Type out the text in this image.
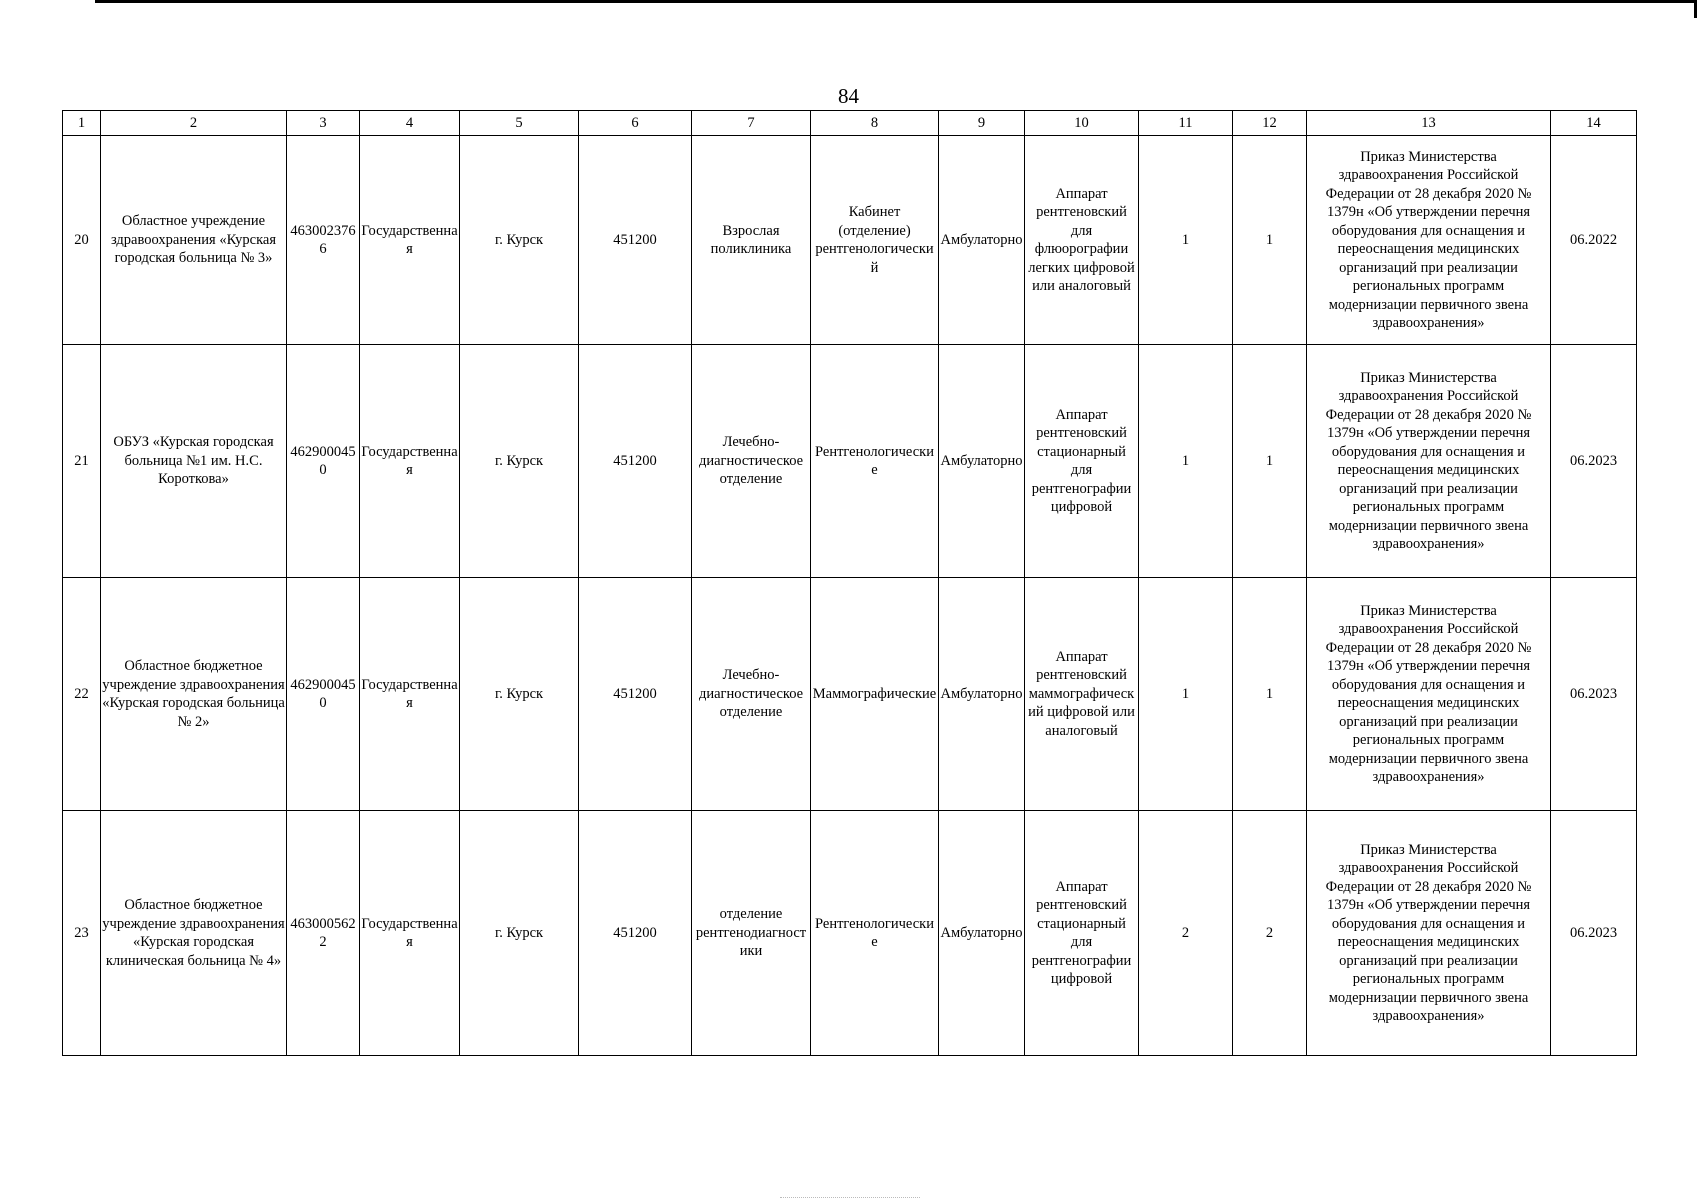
84
1	2	3	4	5	6	7	8	9	10	11	12	13	14
20	Областное учреждение здравоохранения «Курская городская больница № 3»	4630023766	Государственная	г. Курск	451200	Взрослая поликлиника	Кабинет (отделение) рентгенологический	Амбулаторно	Аппарат рентгеновский для флюорографии легких цифровой или аналоговый	1	1	Приказ Министерства здравоохранения Российской Федерации от 28 декабря 2020 № 1379н «Об утверждении перечня оборудования для оснащения и переоснащения медицинских организаций при реализации региональных программ модернизации первичного звена здравоохранения»	06.2022
21	ОБУЗ «Курская городская больница №1 им. Н.С. Короткова»	4629000450	Государственная	г. Курск	451200	Лечебно-диагностическое отделение	Рентгенологические	Амбулаторно	Аппарат рентгеновский стационарный для рентгенографии цифровой	1	1	Приказ Министерства здравоохранения Российской Федерации от 28 декабря 2020 № 1379н «Об утверждении перечня оборудования для оснащения и переоснащения медицинских организаций при реализации региональных программ модернизации первичного звена здравоохранения»	06.2023
22	Областное бюджетное учреждение здравоохранения «Курская городская больница № 2»	4629000450	Государственная	г. Курск	451200	Лечебно-диагностическое отделение	Маммографические	Амбулаторно	Аппарат рентгеновский маммографический цифровой или аналоговый	1	1	Приказ Министерства здравоохранения Российской Федерации от 28 декабря 2020 № 1379н «Об утверждении перечня оборудования для оснащения и переоснащения медицинских организаций при реализации региональных программ модернизации первичного звена здравоохранения»	06.2023
23	Областное бюджетное учреждение здравоохранения «Курская городская клиническая больница № 4»	4630005622	Государственная	г. Курск	451200	отделение рентгенодиагностики	Рентгенологические	Амбулаторно	Аппарат рентгеновский стационарный для рентгенографии цифровой	2	2	Приказ Министерства здравоохранения Российской Федерации от 28 декабря 2020 № 1379н «Об утверждении перечня оборудования для оснащения и переоснащения медицинских организаций при реализации региональных программ модернизации первичного звена здравоохранения»	06.2023
